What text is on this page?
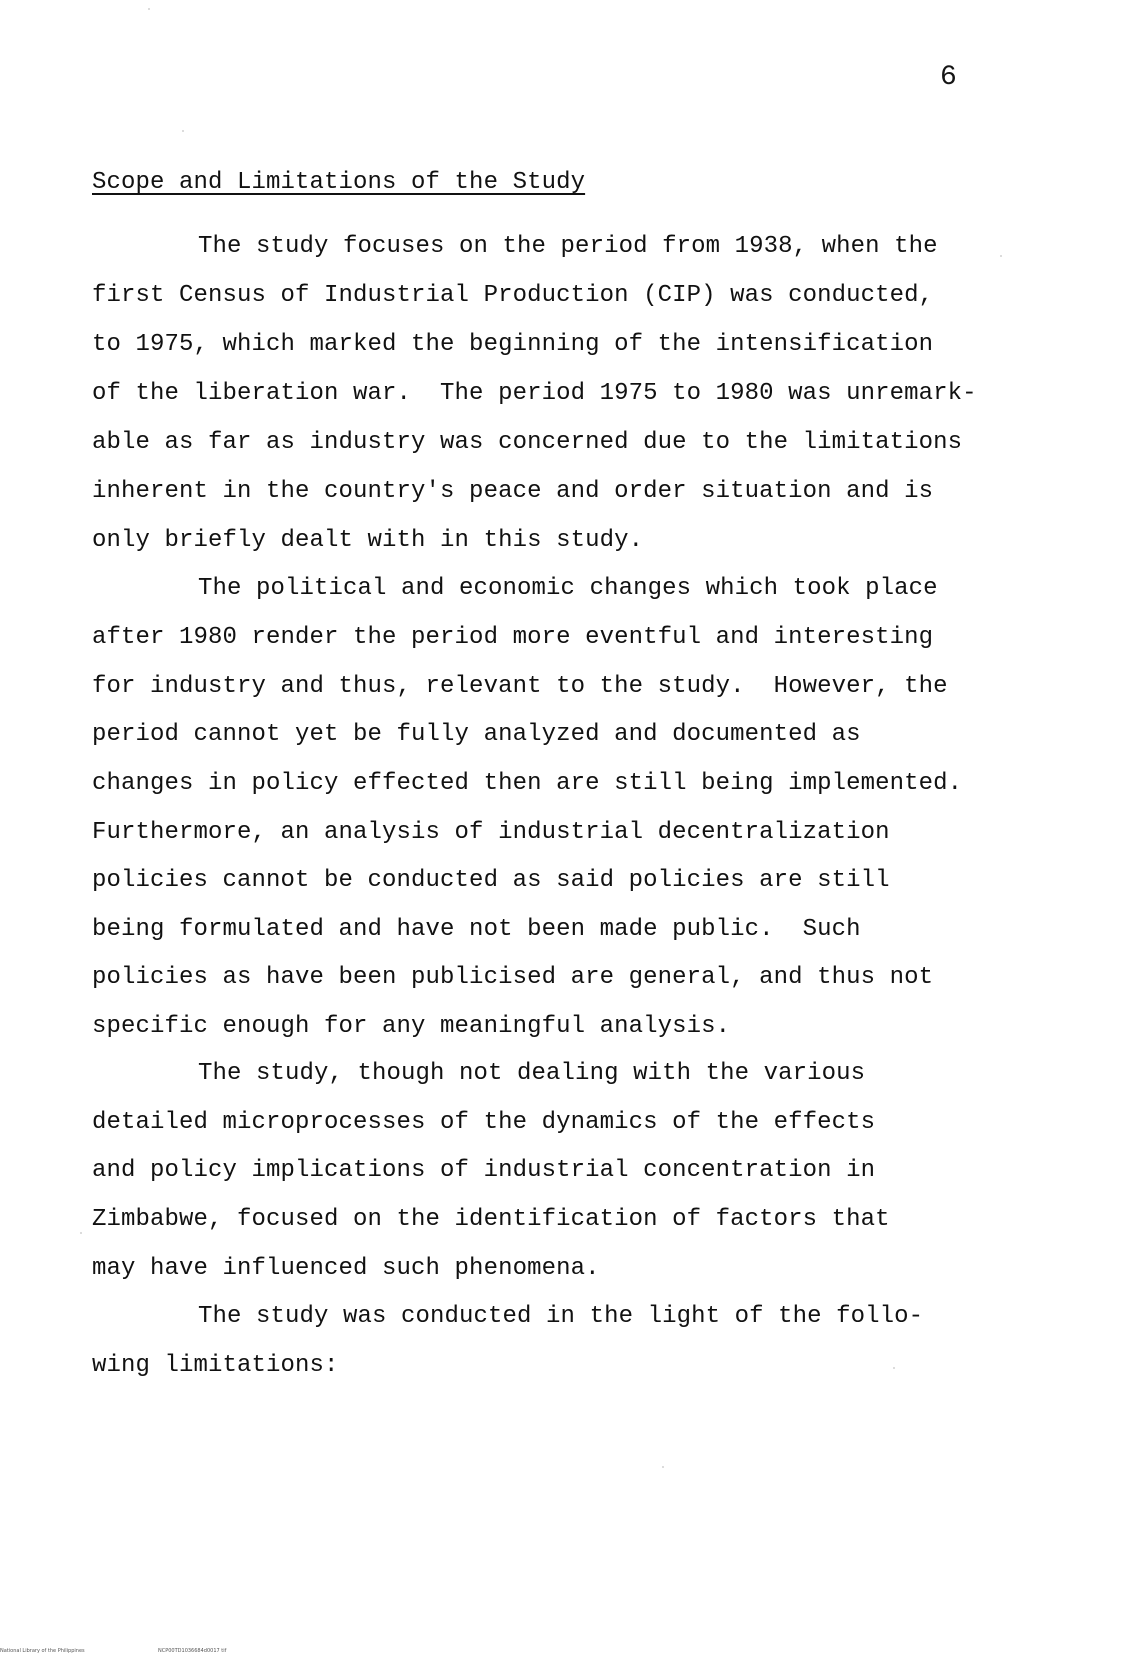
6
Scope and Limitations of the Study
The study focuses on the period from 1938, when the
first Census of Industrial Production (CIP) was conducted,
to 1975, which marked the beginning of the intensification
of the liberation war.  The period 1975 to 1980 was unremark-
able as far as industry was concerned due to the limitations
inherent in the country's peace and order situation and is
only briefly dealt with in this study.
The political and economic changes which took place
after 1980 render the period more eventful and interesting
for industry and thus, relevant to the study.  However, the
period cannot yet be fully analyzed and documented as
changes in policy effected then are still being implemented.
Furthermore, an analysis of industrial decentralization
policies cannot be conducted as said policies are still
being formulated and have not been made public.  Such
policies as have been publicised are general, and thus not
specific enough for any meaningful analysis.
The study, though not dealing with the various
detailed microprocesses of the dynamics of the effects
and policy implications of industrial concentration in
Zimbabwe, focused on the identification of factors that
may have influenced such phenomena.
The study was conducted in the light of the follo-
wing limitations:
National Library of the Philippines	NCP00TD1036684d0017 tif
